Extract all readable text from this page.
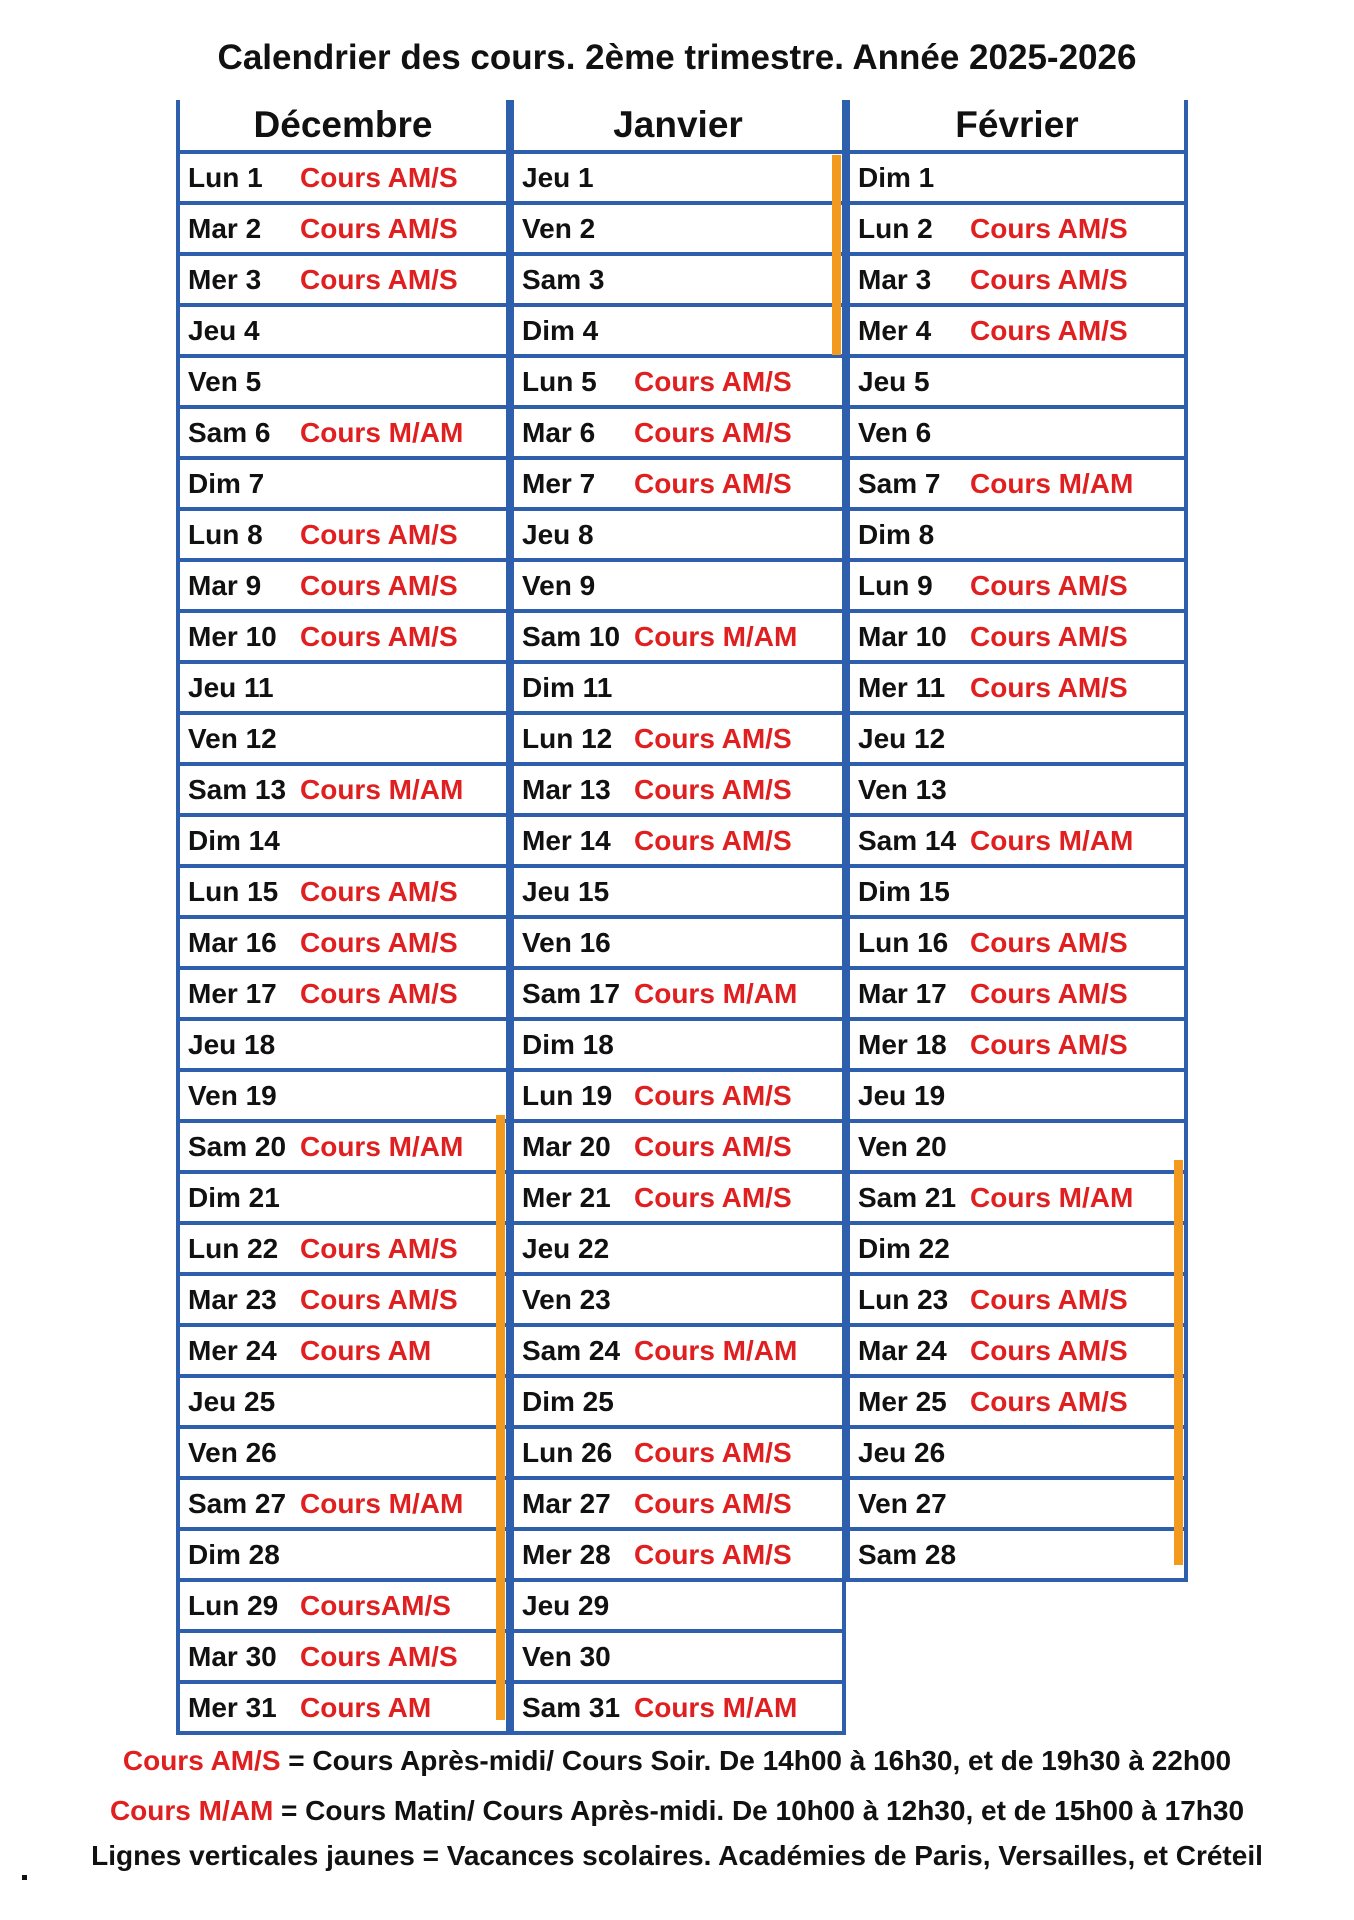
Calendrier des cours. 2ème trimestre. Année 2025-2026
Décembre
Lun 1	Cours AM/S
Mar 2	Cours AM/S
Mer 3	Cours AM/S
Jeu 4
Ven 5
Sam 6	Cours M/AM
Dim 7
Lun 8	Cours AM/S
Mar 9	Cours AM/S
Mer 10 Cours AM/S
Jeu 11
Ven 12
Sam 13 Cours M/AM
Dim 14
Lun 15 Cours AM/S
Mar 16 Cours AM/S
Mer 17 Cours AM/S
Jeu 18
Ven 19
Sam 20 Cours M/AM
Dim 21
Lun 22 Cours AM/S
Mar 23 Cours AM/S
Mer 24 Cours AM
Jeu 25
Ven 26
Sam 27 Cours M/AM
Dim 28
Lun 29 CoursAM/S
Mar 30 Cours AM/S
Mer 31 Cours AM
Janvier
Jeu 1
Ven 2
Sam 3
Dim 4
Lun 5	Cours AM/S
Mar 6	Cours AM/S
Mer 7	Cours AM/S
Jeu 8
Ven 9
Sam 10 Cours M/AM
Dim 11
Lun 12 Cours AM/S
Mar 13 Cours AM/S
Mer 14 Cours AM/S
Jeu 15
Ven 16
Sam 17 Cours M/AM
Dim 18
Lun 19 Cours AM/S
Mar 20 Cours AM/S
Mer 21 Cours AM/S
Jeu 22
Ven 23
Sam 24 Cours M/AM
Dim 25
Lun 26 Cours AM/S
Mar 27 Cours AM/S
Mer 28 Cours AM/S
Jeu 29
Ven 30
Sam 31 Cours M/AM
Février
Dim 1
Lun 2	Cours AM/S
Mar 3	Cours AM/S
Mer 4	Cours AM/S
Jeu 5
Ven 6
Sam 7	Cours M/AM
Dim 8
Lun 9	Cours AM/S
Mar 10 Cours AM/S
Mer 11 Cours AM/S
Jeu 12
Ven 13
Sam 14 Cours M/AM
Dim 15
Lun 16 Cours AM/S
Mar 17 Cours AM/S
Mer 18 Cours AM/S
Jeu 19
Ven 20
Sam 21 Cours M/AM
Dim 22
Lun 23 Cours AM/S
Mar 24 Cours AM/S
Mer 25 Cours AM/S
Jeu 26
Ven 27
Sam 28
Cours AM/S = Cours Après-midi/ Cours Soir. De 14h00 à 16h30, et de 19h30 à 22h00
Cours M/AM = Cours Matin/ Cours Après-midi. De 10h00 à 12h30, et de 15h00 à 17h30
Lignes verticales jaunes = Vacances scolaires. Académies de Paris, Versailles, et Créteil
